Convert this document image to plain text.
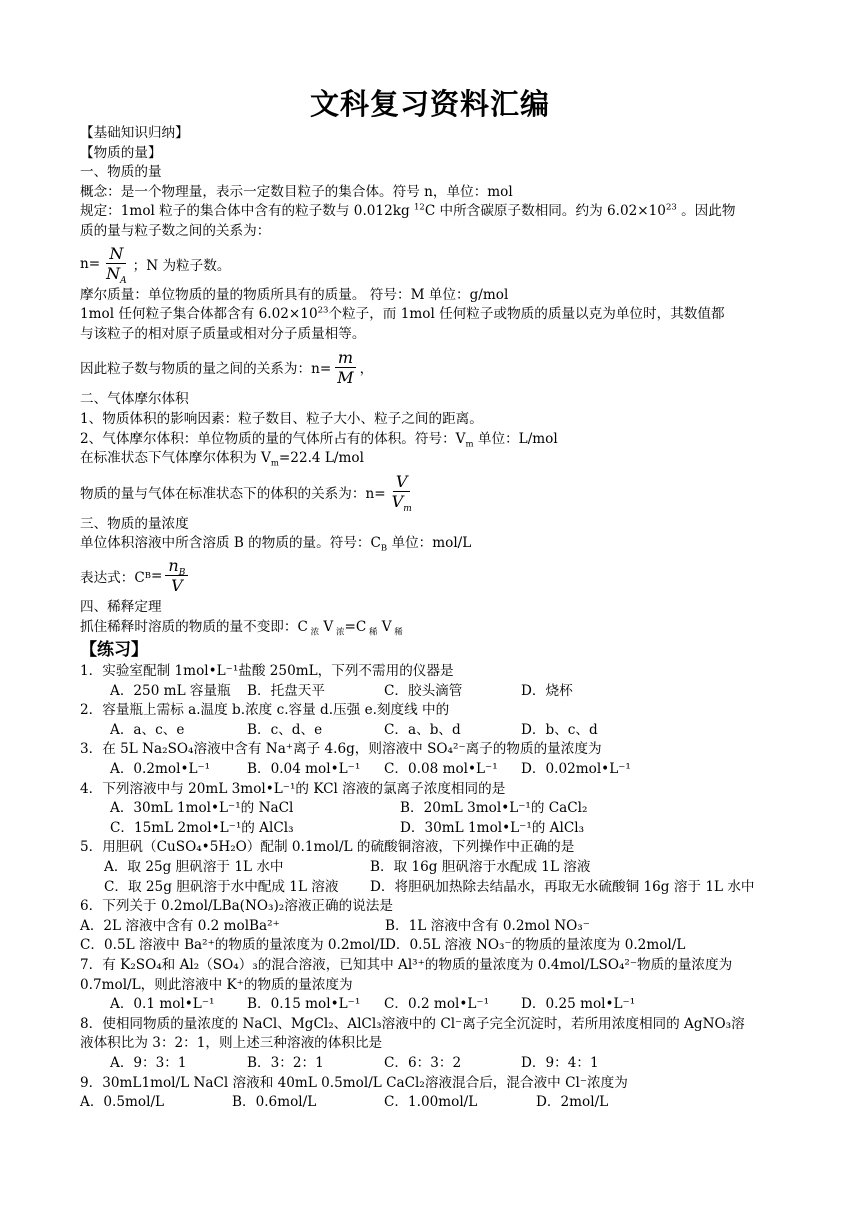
文科复习资料汇编
【基础知识归纳】
【物质的量】
一、物质的量
概念：是一个物理量，表示一定数目粒子的集合体。符号 n，单位：mol
规定：1mol 粒子的集合体中含有的粒子数与 0.012kg $^{12}$C 中所含碳原子数相同。约为 $6.02\times 10^{23}$ 。因此物
质的量与粒子数之间的关系为：
$n= \frac{N}{N_A}$ ；N 为粒子数。
摩尔质量：单位物质的量的物质所具有的质量。 符号：M 单位：g/mol
1mol 任何粒子集合体都含有 $6.02\times 10^{23}$个粒子，而 1mol 任何粒子或物质的质量以克为单位时，其数值都
与该粒子的相对原子质量或相对分子质量相等。
因此粒子数与物质的量之间的关系为：$n= \frac{m}{M}$ ，
二、气体摩尔体积
1、物质体积的影响因素：粒子数目、粒子大小、粒子之间的距离。
2、气体摩尔体积：单位物质的量的气体所占有的体积。符号：$V_m$ 单位：L/mol
在标准状态下气体摩尔体积为 $V_m=22.4$ L/mol
物质的量与气体在标准状态下的体积的关系为：$n= \frac{V}{V_m}$
三、物质的量浓度
单位体积溶液中所含溶质 B 的物质的量。符号：$C_B$ 单位：mol/L
表达式：C $B = \frac{n_B}{V}$
四、稀释定理
抓住稀释时溶质的物质的量不变即：C $_浓$ V $_浓$=C $_稀$ V $_稀$
【练习】
1．实验室配制 1mol•L⁻¹盐酸 250mL，下列不需用的仪器是
A．250 mL 容量瓶	B．托盘天平	C．胶头滴管	D．烧杯
2．容量瓶上需标 a.温度 b.浓度 c.容量 d.压强 e.刻度线 中的
A．a、c、e	B．c、d、e	C．a、b、d	D．b、c、d
3．在 5L Na₂SO₄溶液中含有 Na⁺离子 4.6g，则溶液中 SO₄²⁻离子的物质的量浓度为
A．0.2mol•L⁻¹	B．0.04 mol•L⁻¹	C．0.08 mol•L⁻¹	D．0.02mol•L⁻¹
4．下列溶液中与 20mL 3mol•L⁻¹的 KCl 溶液的氯离子浓度相同的是
A．30mL 1mol•L⁻¹的 NaCl	B．20mL 3mol•L⁻¹的 CaCl₂
C．15mL 2mol•L⁻¹的 AlCl₃	D．30mL 1mol•L⁻¹的 AlCl₃
5．用胆矾（CuSO₄•5H₂O）配制 0.1mol/L 的硫酸铜溶液，下列操作中正确的是
A．取 25g 胆矾溶于 1L 水中	B．取 16g 胆矾溶于水配成 1L 溶液
C．取 25g 胆矾溶于水中配成 1L 溶液	D．将胆矾加热除去结晶水，再取无水硫酸铜 16g 溶于 1L 水中
6．下列关于 0.2mol/LBa(NO₃)₂溶液正确的说法是
A．2L 溶液中含有 0.2 molBa²⁺	B．1L 溶液中含有 0.2mol NO₃⁻
C．0.5L 溶液中 Ba²⁺的物质的量浓度为 0.2mol/L
D．0.5L 溶液 NO₃⁻的物质的量浓度为 0.2mol/L
7．有 K₂SO₄和 Al₂（SO₄）₃的混合溶液，已知其中 Al³⁺的物质的量浓度为 0.4mol/LSO₄²⁻物质的量浓度为
0.7mol/L，则此溶液中 K⁺的物质的量浓度为
A．0.1 mol•L⁻¹	B．0.15 mol•L⁻¹	C．0.2 mol•L⁻¹	D．0.25 mol•L⁻¹
8．使相同物质的量浓度的 NaCl、MgCl₂、AlCl₃溶液中的 Cl⁻离子完全沉淀时，若所用浓度相同的 AgNO₃溶
液体积比为 3：2：1，则上述三种溶液的体积比是
A．9：3：1	B．3：2：1	C．6：3：2	D．9：4：1
9．30mL1mol/L NaCl 溶液和 40mL 0.5mol/L CaCl₂溶液混合后，混合液中 Cl⁻浓度为
A．0.5mol/L	B．0.6mol/L	C．1.00mol/L	D．2mol/L
